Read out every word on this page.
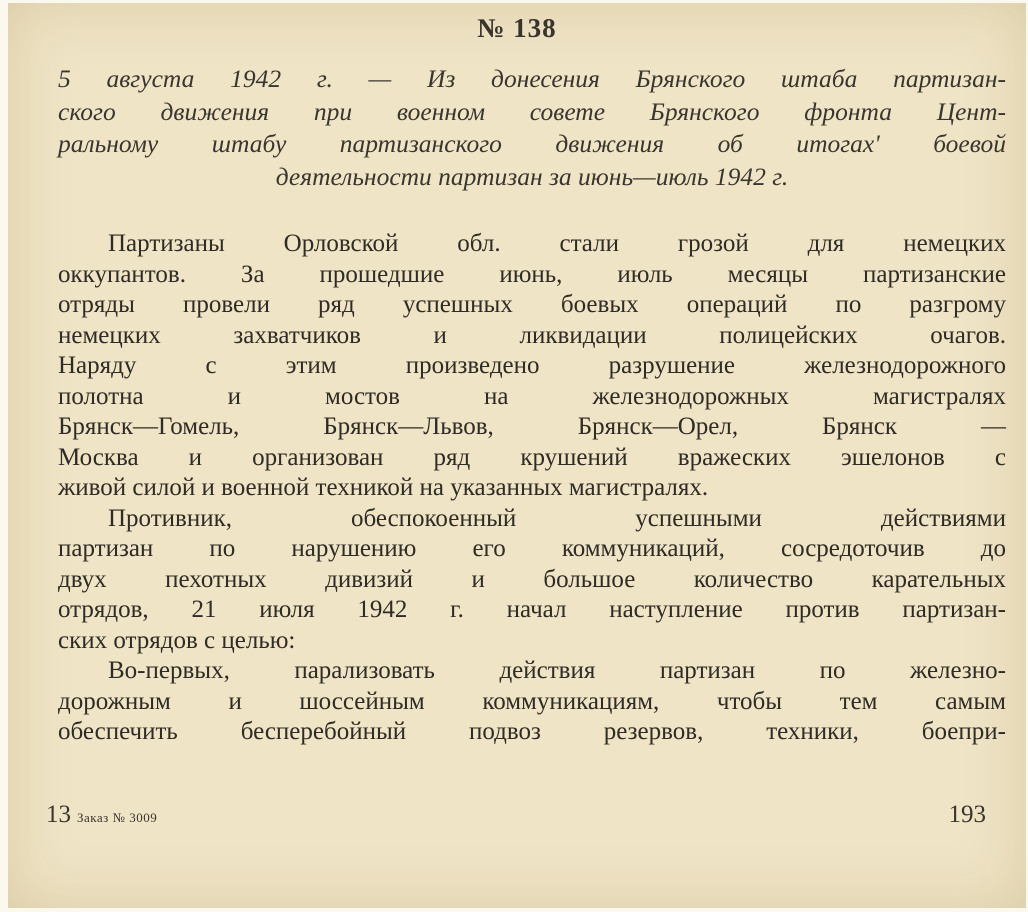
№ 138
5 августа 1942 г. — Из донесения Брянского штаба партизан-
ского движения при военном совете Брянского фронта Цент-
ральному штабу партизанского движения об итогах' боевой
деятельности партизан за июнь—июль 1942 г.
Партизаны Орловской обл. стали грозой для немецких
оккупантов. За прошедшие июнь, июль месяцы партизанские
отряды провели ряд успешных боевых операций по разгрому
немецких захватчиков и ликвидации полицейских очагов.
Наряду с этим произведено разрушение железнодорожного
полотна и мостов на железнодорожных магистралях
Брянск—Гомель, Брянск—Львов, Брянск—Орел, Брянск —
Москва и организован ряд крушений вражеских эшелонов с
живой силой и военной техникой на указанных магистралях.
Противник, обеспокоенный успешными действиями
партизан по нарушению его коммуникаций, сосредоточив до
двух пехотных дивизий и большое количество карательных
отрядов, 21 июля 1942 г. начал наступление против партизан-
ских отрядов с целью:
Во-первых, парализовать действия партизан по железно-
дорожным и шоссейным коммуникациям, чтобы тем самым
обеспечить бесперебойный подвоз резервов, техники, боепри-
13 Заказ № 3009	193
